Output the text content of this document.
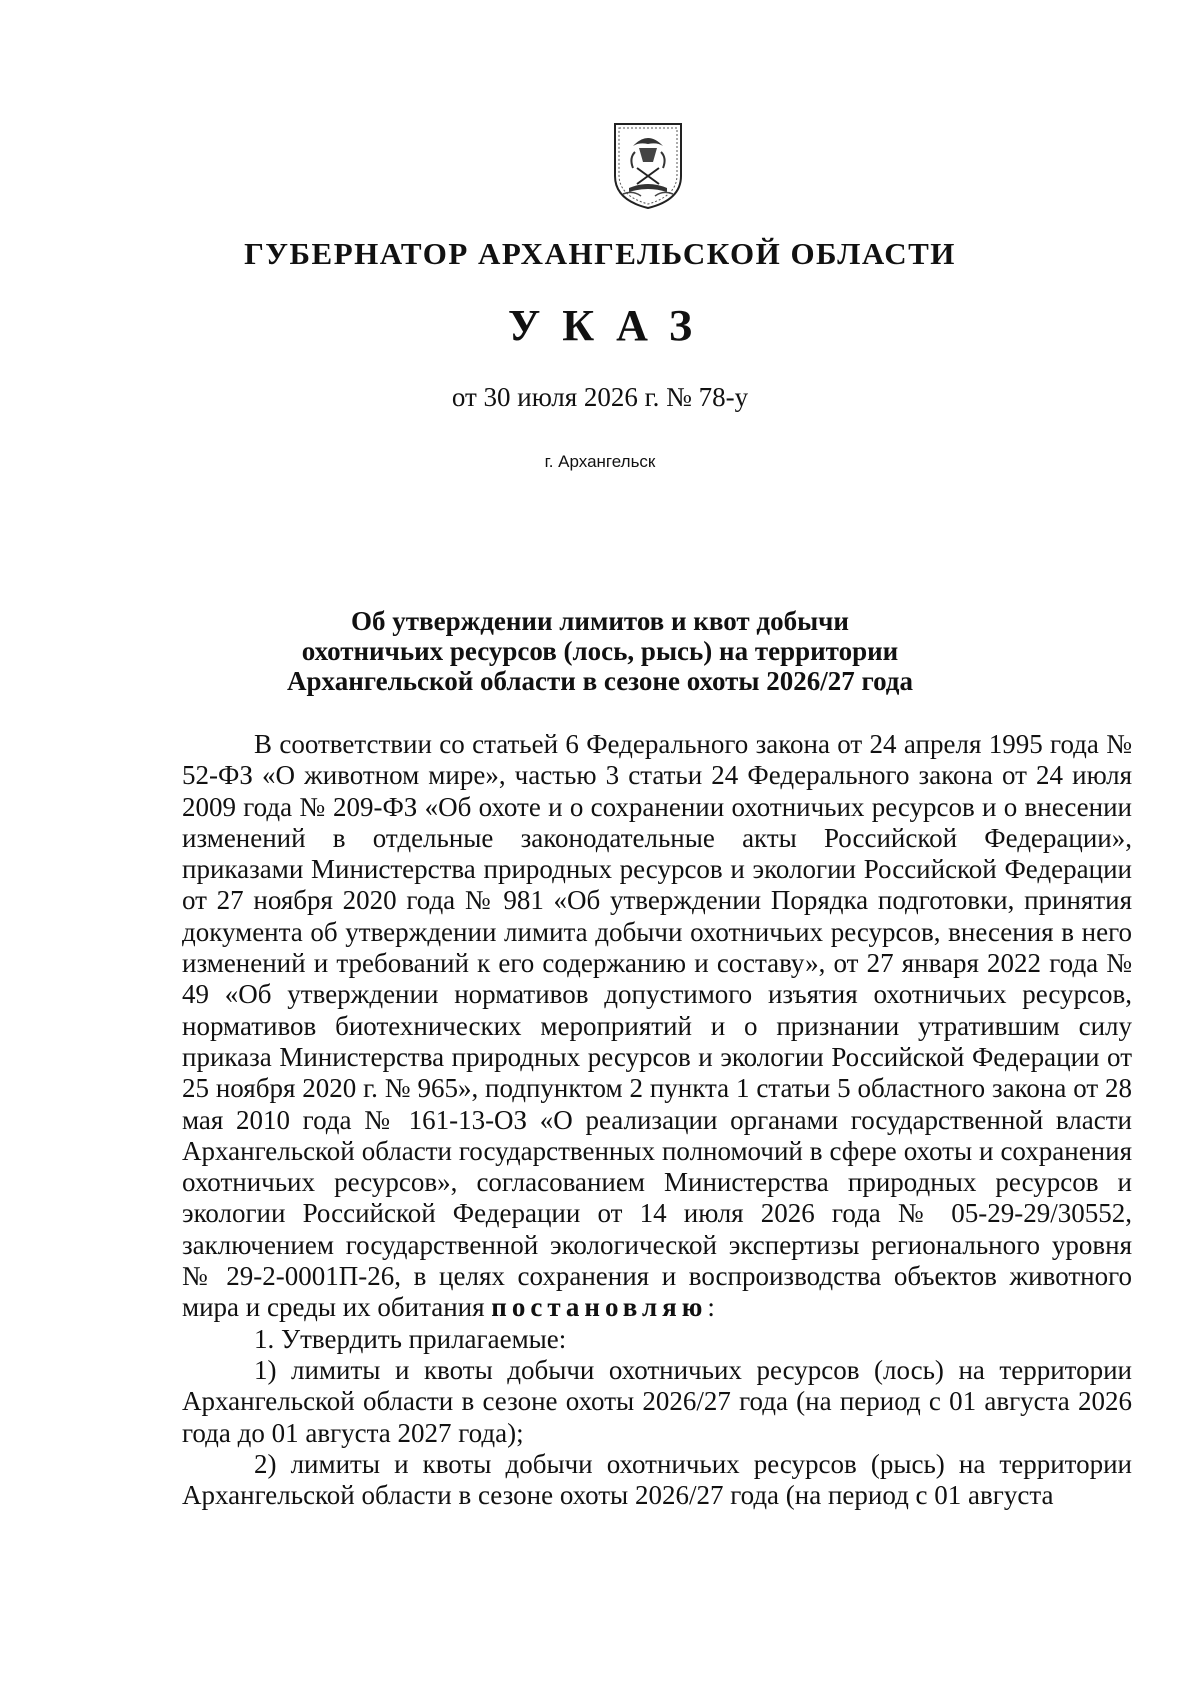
ГУБЕРНАТОР АРХАНГЕЛЬСКОЙ ОБЛАСТИ
УКАЗ
от 30 июля 2026 г. № 78-у
г. Архангельск
Об утверждении лимитов и квот добычи
охотничьих ресурсов (лось, рысь) на территории
Архангельской области в сезоне охоты 2026/27 года

В соответствии со статьей 6 Федерального закона от 24 апреля 1995 года № 52-ФЗ «О животном мире», частью 3 статьи 24 Федерального закона от 24 июля 2009 года № 209-ФЗ «Об охоте и о сохранении охотничьих ресурсов и о внесении изменений в отдельные законодательные акты Российской Федерации», приказами Министерства природных ресурсов и экологии Российской Федерации от 27 ноября 2020 года № 981 «Об утверждении Порядка подготовки, принятия документа об утверждении лимита добычи охотничьих ресурсов, внесения в него изменений и требований к его содержанию и составу», от 27 января 2022 года № 49 «Об утверждении нормативов допустимого изъятия охотничьих ресурсов, нормативов биотехнических мероприятий и о признании утратившим силу приказа Министерства природных ресурсов и экологии Российской Федерации от 25 ноября 2020 г. № 965», подпунктом 2 пункта 1 статьи 5 областного закона от 28 мая 2010 года № 161-13-ОЗ «О реализации органами государственной власти Архангельской области государственных полномочий в сфере охоты и сохранения охотничьих ресурсов», согласованием Министерства природных ресурсов и экологии Российской Федерации от 14 июля 2026 года № 05-29-29/30552, заключением государственной экологической экспертизы регионального уровня № 29-2-0001П-26, в целях сохранения и воспроизводства объектов животного мира и среды их обитания постановляю:

1. Утвердить прилагаемые:

1) лимиты и квоты добычи охотничьих ресурсов (лось) на территории Архангельской области в сезоне охоты 2026/27 года (на период с 01 августа 2026 года до 01 августа 2027 года);

2) лимиты и квоты добычи охотничьих ресурсов (рысь) на территории Архангельской области в сезоне охоты 2026/27 года (на период с 01 августа
